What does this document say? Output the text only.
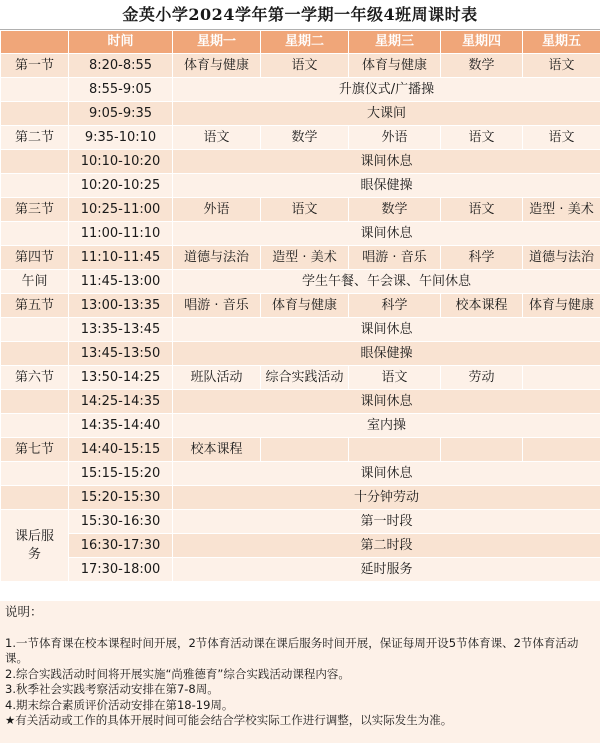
金英小学2024学年第一学期一年级4班周课时表
	时间	星期一	星期二	星期三	星期四	星期五
第一节	8:20-8:55	体育与健康	语文	体育与健康	数学	语文
	8:55-9:05	升旗仪式/广播操				
	9:05-9:35	大课间				
第二节	9:35-10:10	语文	数学	外语	语文	语文
	10:10-10:20	课间休息				
	10:20-10:25	眼保健操				
第三节	10:25-11:00	外语	语文	数学	语文	造型 · 美术
	11:00-11:10	课间休息				
第四节	11:10-11:45	道德与法治	造型 · 美术	唱游 · 音乐	科学	道德与法治
午间	11:45-13:00	学生午餐、午会课、午间休息				
第五节	13:00-13:35	唱游 · 音乐	体育与健康	科学	校本课程	体育与健康
	13:35-13:45	课间休息				
	13:45-13:50	眼保健操				
第六节	13:50-14:25	班队活动	综合实践活动	语文	劳动	
	14:25-14:35	课间休息				
	14:35-14:40	室内操				
第七节	14:40-15:15	校本课程				
	15:15-15:20	课间休息				
	15:20-15:30	十分钟劳动				
课后服务	15:30-16:30	第一时段				
	16:30-17:30	第二时段				
	17:30-18:00	延时服务				
说明：

1.一节体育课在校本课程时间开展，2节体育活动课在课后服务时间开展，保证每周开设5节体育课、2节体育活动课。

2.综合实践活动时间将开展实施“尚雅德育”综合实践活动课程内容。

3.秋季社会实践考察活动安排在第7-8周。

4.期末综合素质评价活动安排在第18-19周。

★有关活动或工作的具体开展时间可能会结合学校实际工作进行调整，以实际发生为准。
